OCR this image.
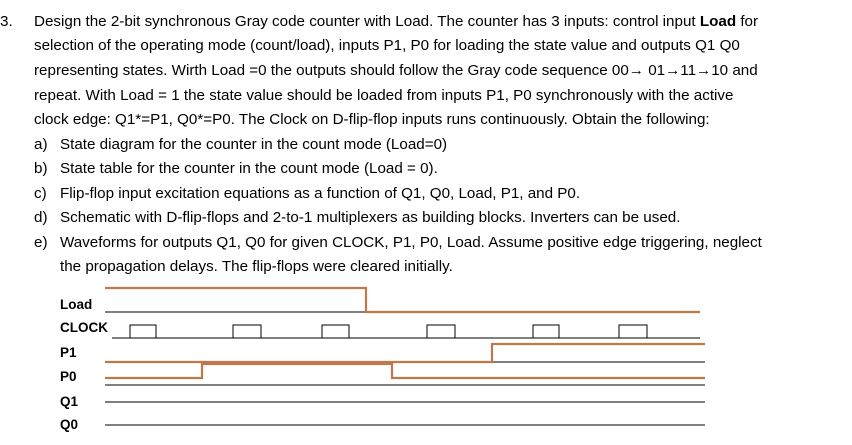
3. Design the 2-bit synchronous Gray code counter with Load. The counter has 3 inputs: control input Load for
selection of the operating mode (count/load), inputs P1, P0 for loading the state value and outputs Q1 Q0
representing states. Wirth Load =0 the outputs should follow the Gray code sequence 00→ 01→11→10 and
repeat. With Load = 1 the state value should be loaded from inputs P1, P0 synchronously with the active
clock edge: Q1*=P1, Q0*=P0. The Clock on D-flip-flop inputs runs continuously. Obtain the following:
a) State diagram for the counter in the count mode (Load=0)
b) State table for the counter in the count mode (Load = 0).
c) Flip-flop input excitation equations as a function of Q1, Q0, Load, P1, and P0.
d) Schematic with D-flip-flops and 2-to-1 multiplexers as building blocks. Inverters can be used.
e) Waveforms for outputs Q1, Q0 for given CLOCK, P1, P0, Load. Assume positive edge triggering, neglect
the propagation delays. The flip-flops were cleared initially.
Load
CLOCK
P1
P0
Q1
Q0
